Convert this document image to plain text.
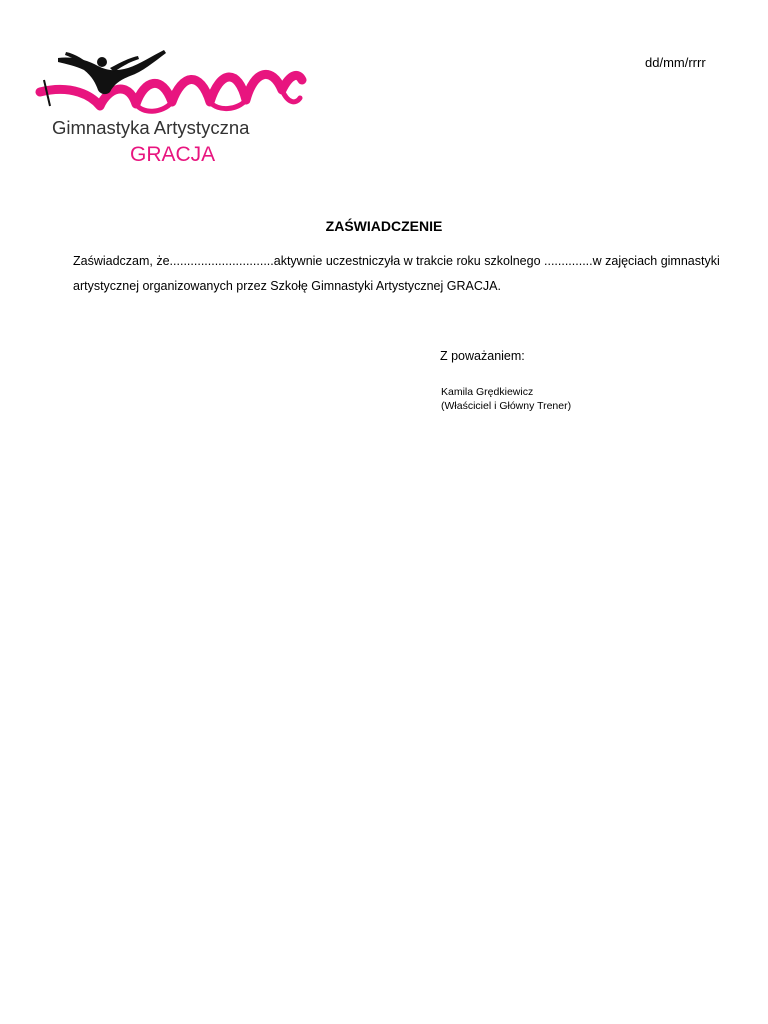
Gimnastyka Artystyczna
GRACJA
dd/mm/rrrr
ZAŚWIADCZENIE
Zaświadczam, że..............................aktywnie uczestniczyła w trakcie roku szkolnego ..............w zajęciach gimnastyki artystycznej organizowanych przez Szkołę Gimnastyki Artystycznej GRACJA.
Z poważaniem:
Kamila Grędkiewicz
(Właściciel i Główny Trener)
